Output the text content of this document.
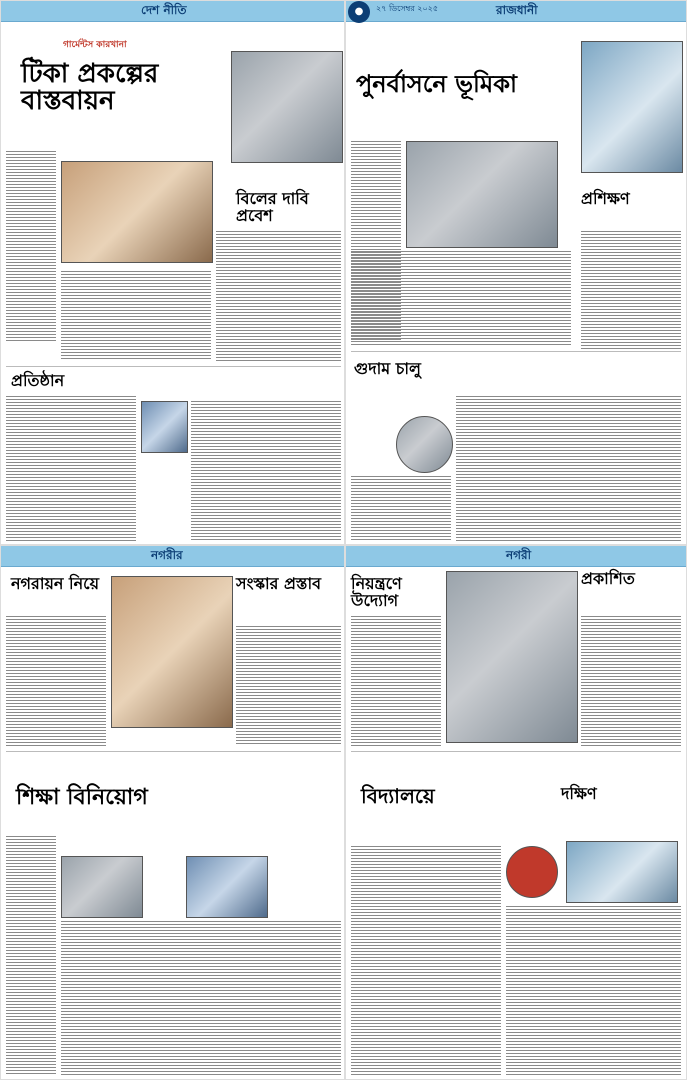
দেশ নীতি
গার্মেন্টস কারখানা
টিকা প্রকল্পের বাস্তবায়ন
বিলের দাবি প্রবেশ
প্রতিষ্ঠান
●	২৭ ডিসেম্বর ২০২৫	রাজধানী
পুনর্বাসনে ভূমিকা
প্রশিক্ষণ
গুদাম চালু
নগরীর
নগরায়ন নিয়ে	সংস্কার প্রস্তাব
শিক্ষা বিনিয়োগ
নগরী
নিয়ন্ত্রণে উদ্যোগ
প্রকাশিত
বিদ্যালয়ে	দক্ষিণ
